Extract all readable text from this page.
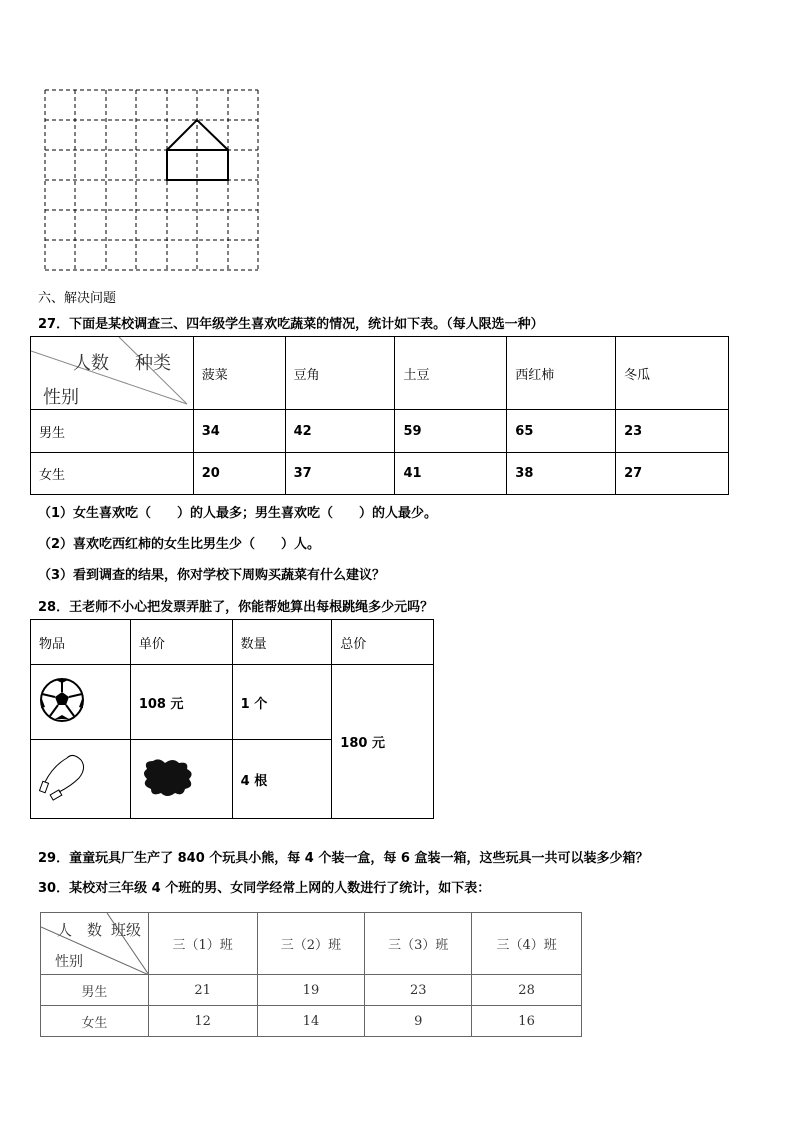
六、解决问题
27．下面是某校调查三、四年级学生喜欢吃蔬菜的情况，统计如下表。（每人限选一种）
人数 种类
性别	菠菜	豆角	土豆	西红柿	冬瓜
男生	34	42	59	65	23
女生	20	37	41	38	27
（1）女生喜欢吃（　　）的人最多；男生喜欢吃（　　）的人最少。
（2）喜欢吃西红柿的女生比男生少（　　）人。
（3）看到调查的结果，你对学校下周购买蔬菜有什么建议？
28．王老师不小心把发票弄脏了，你能帮她算出每根跳绳多少元吗？
物品	单价	数量	总价
	108 元	1 个	180 元
		4 根	
29．童童玩具厂生产了 840 个玩具小熊，每 4 个装一盒，每 6 盒装一箱，这些玩具一共可以装多少箱？
30．某校对三年级 4 个班的男、女同学经常上网的人数进行了统计，如下表：
人　数 班级
性别	三（1）班	三（2）班	三（3）班	三（4）班
男生	21	19	23	28
女生	12	14	9	16
